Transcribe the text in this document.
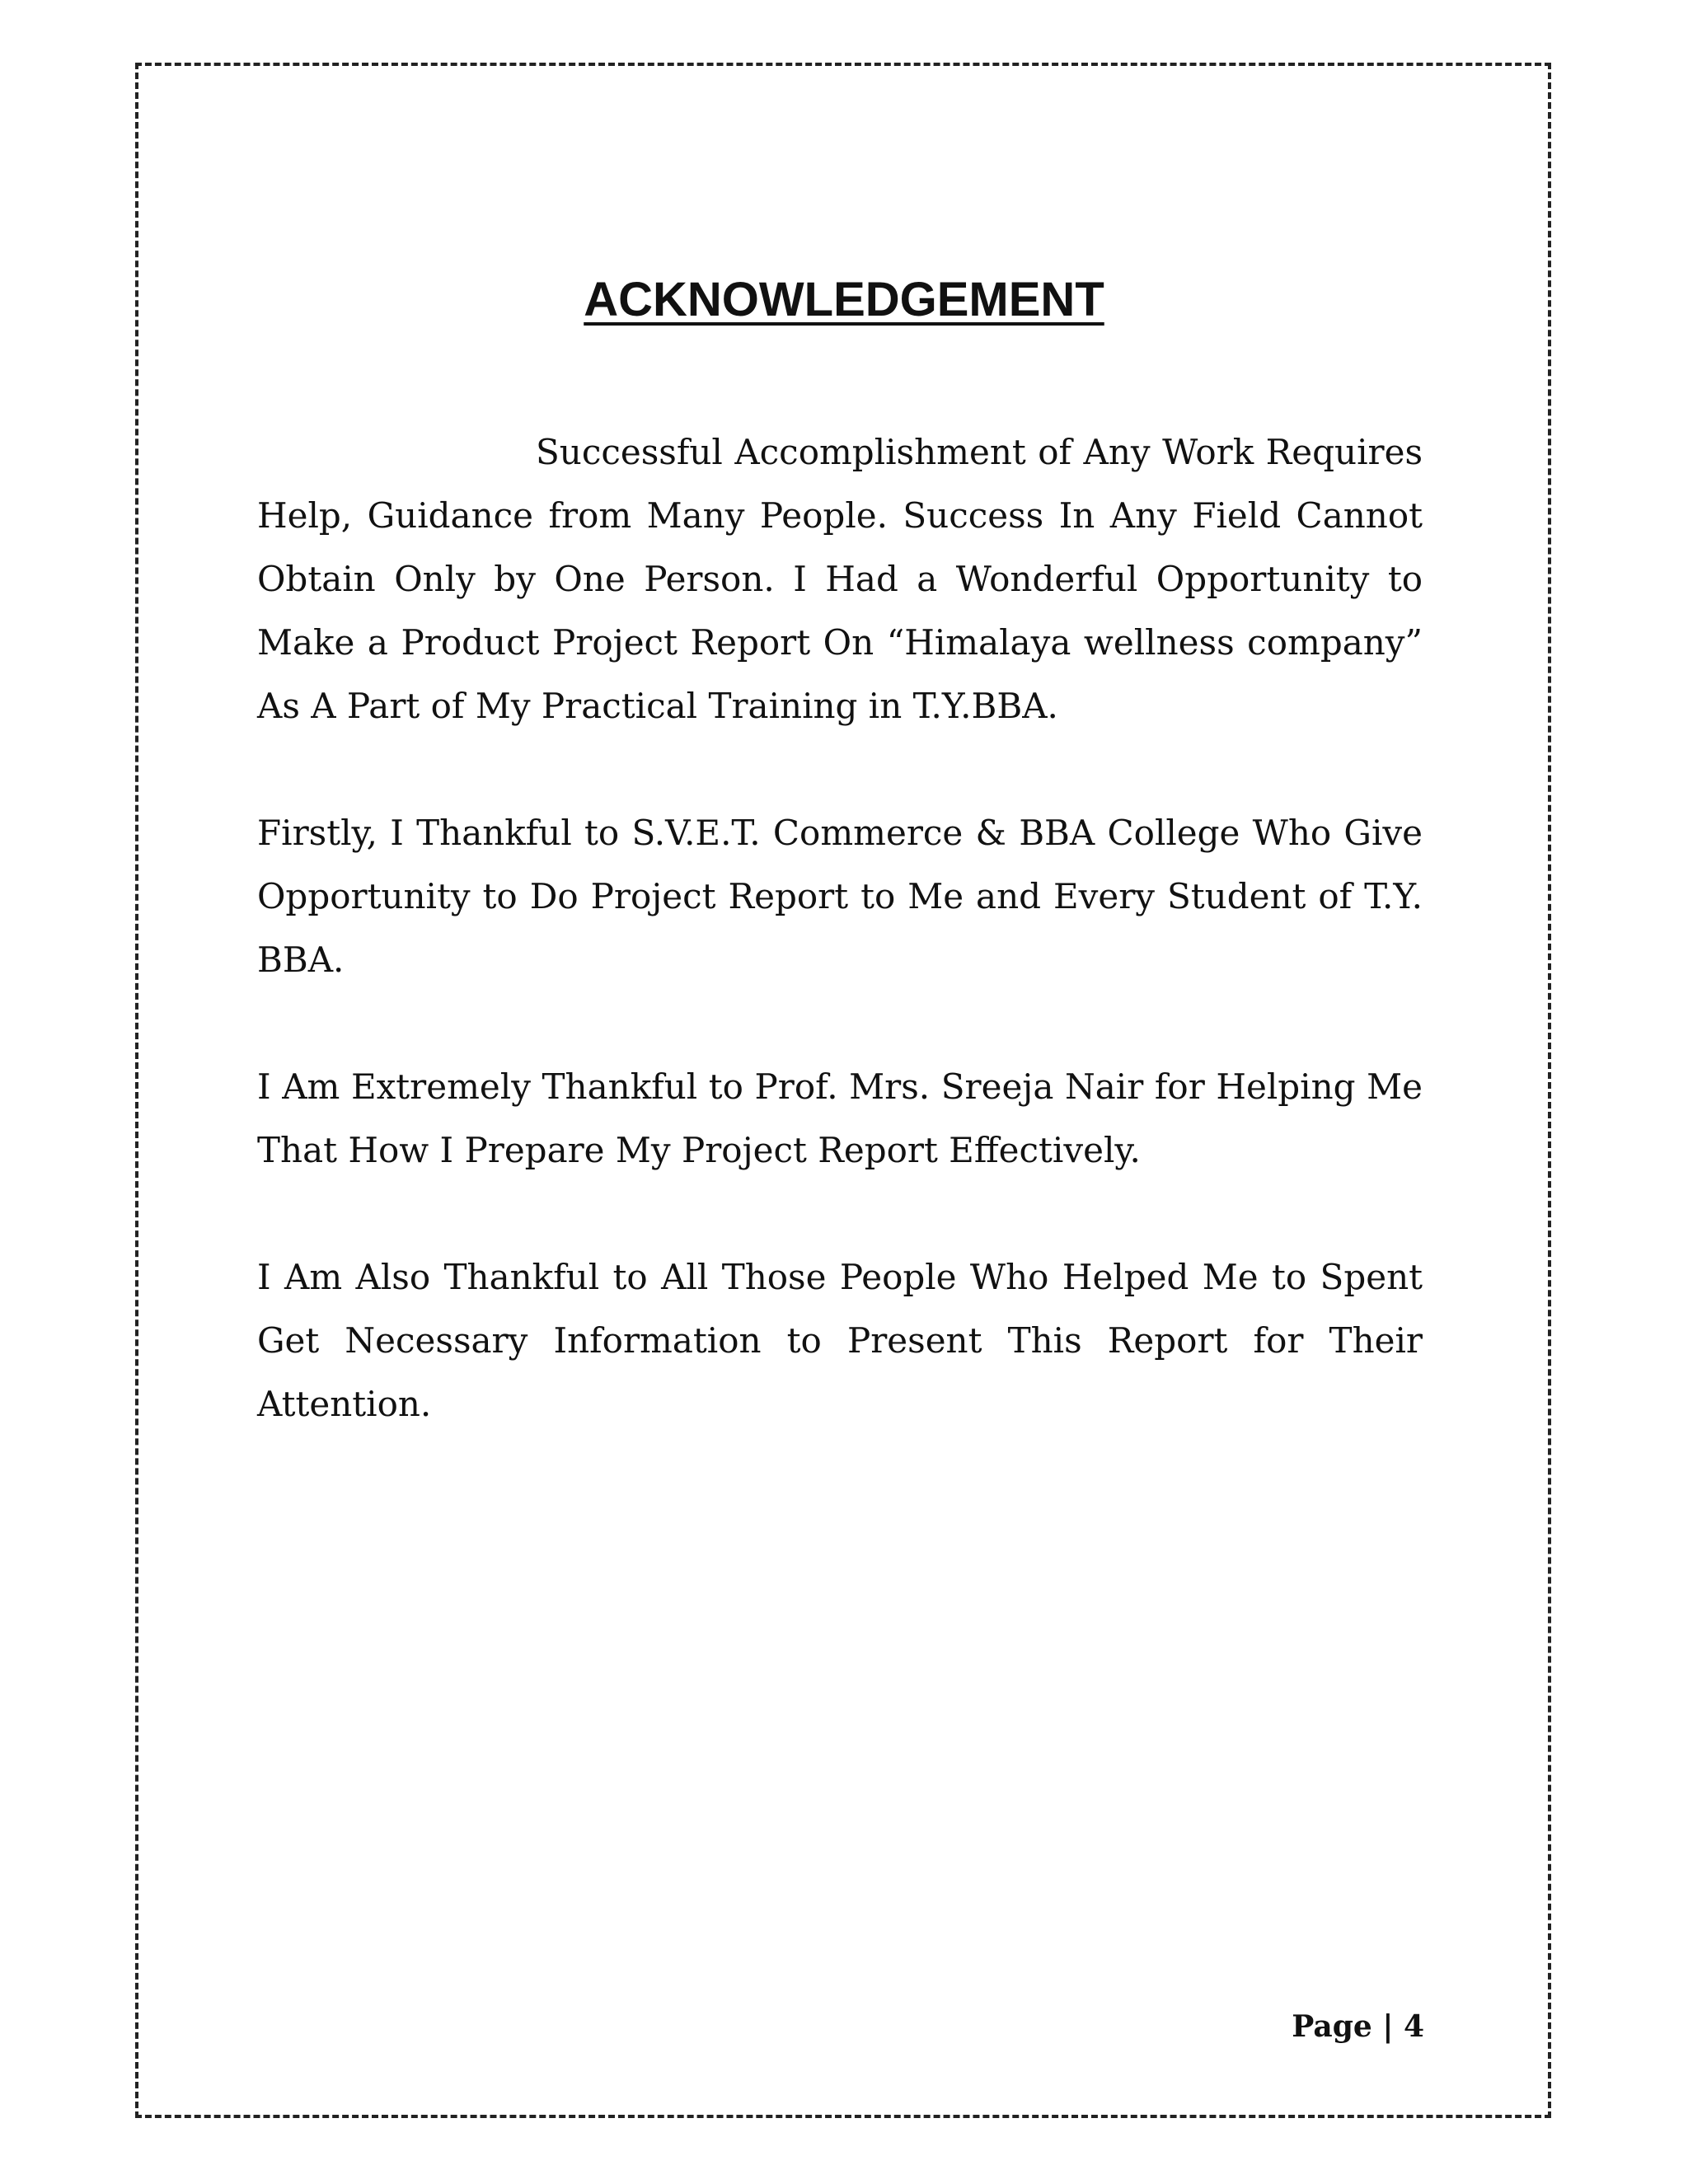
ACKNOWLEDGEMENT

Successful Accomplishment of Any Work Requires Help, Guidance from Many People. Success In Any Field Cannot Obtain Only by One Person. I Had a Wonderful Opportunity to Make a Product Project Report On “Himalaya wellness company” As A Part of My Practical Training in T.Y.BBA.

Firstly, I Thankful to S.V.E.T. Commerce & BBA College Who Give Opportunity to Do Project Report to Me and Every Student of T.Y. BBA.

I Am Extremely Thankful to Prof. Mrs. Sreeja Nair for Helping Me That How I Prepare My Project Report Effectively.

I Am Also Thankful to All Those People Who Helped Me to Spent Get Necessary Information to Present This Report for Their Attention.

Page | 4
